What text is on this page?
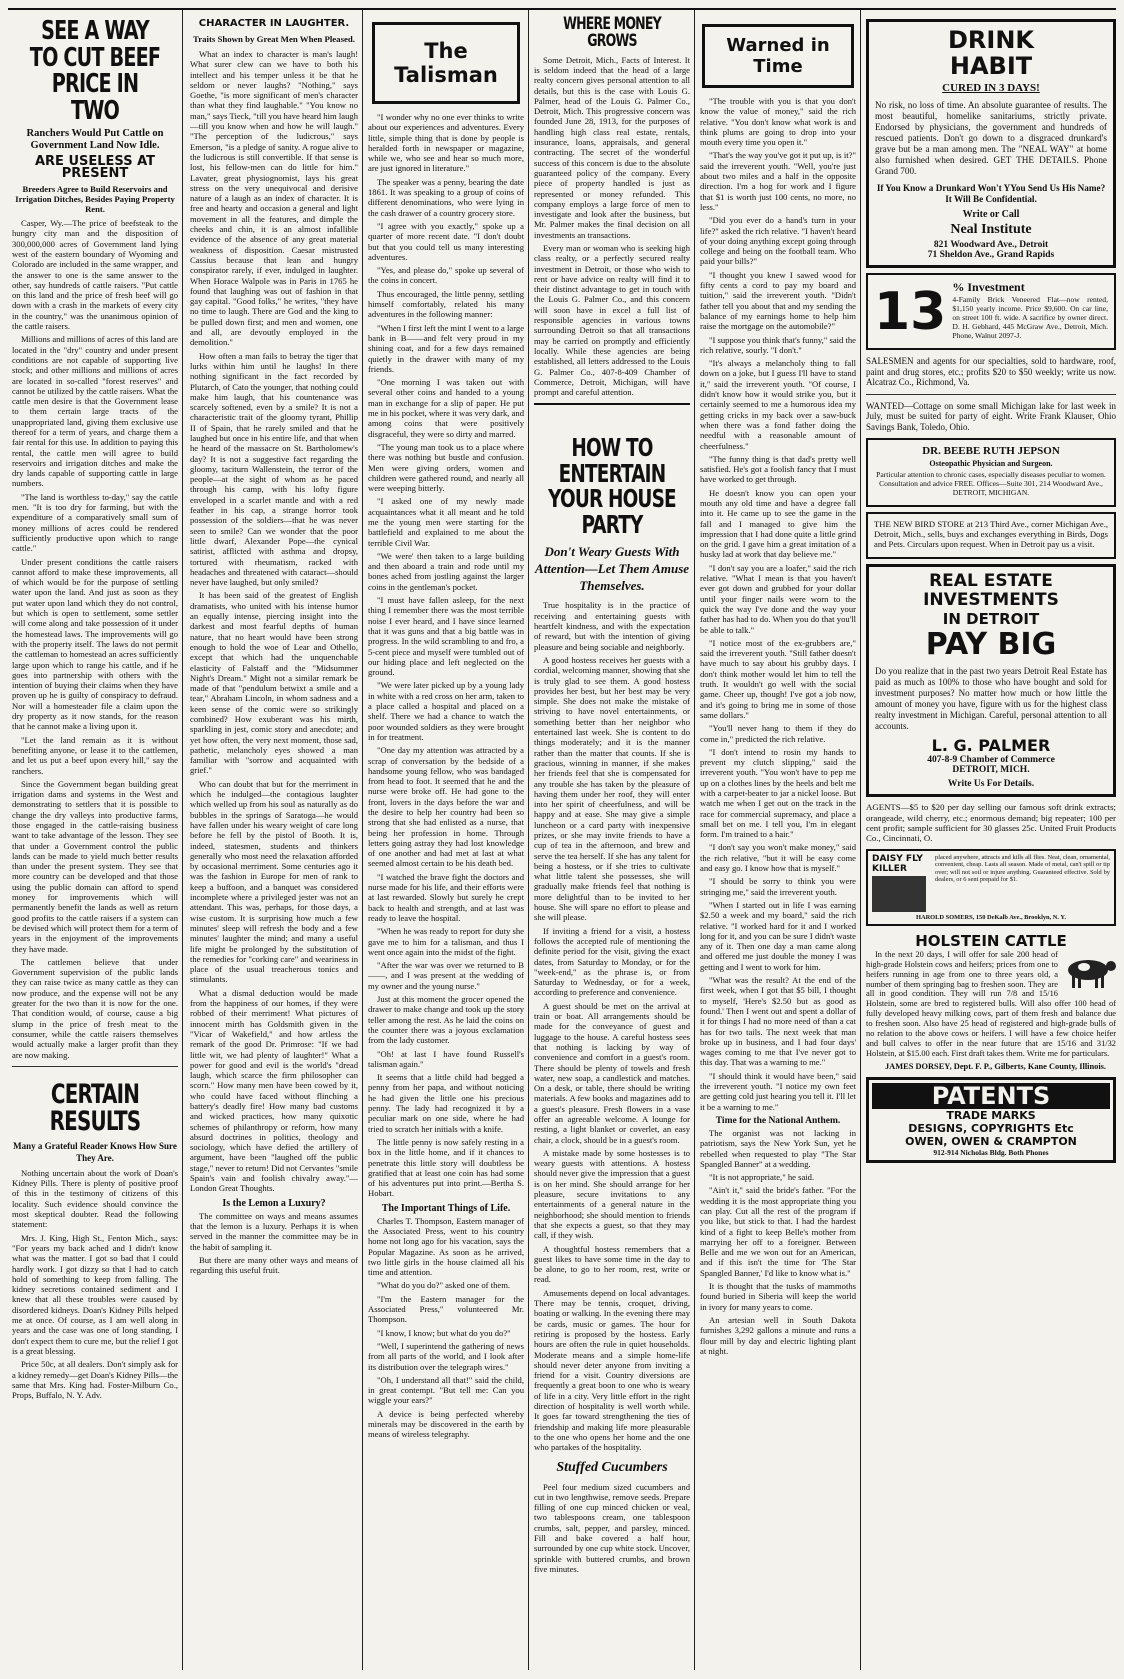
SEE A WAY TO CUT BEEF PRICE IN TWO
Ranchers Would Put Cattle on Government Land Now Idle.
ARE USELESS AT PRESENT
Breeders Agree to Build Reservoirs and Irrigation Ditches, Besides Paying Property Rent.

Casper, Wy.—The price of beefsteak to the hungry city man and the disposition of 300,000,000 acres of Government land lying west of the eastern boundary of Wyoming and Colorado are included in the same wrapper, and the answer to one is the same answer to the other, say hundreds of cattle raisers. "Put cattle on this land and the price of fresh beef will go down with a crash in the markets of every city in the country," was the unanimous opinion of the cattle raisers.

Millions and millions of acres of this land are located in the "dry" country and under present conditions are not capable of supporting live stock; and other millions and millions of acres are located in so-called "forest reserves" and cannot be utilized by the cattle raisers. What the cattle men desire is that the Government lease to them certain large tracts of the unappropriated land, giving them exclusive use thereof for a term of years, and charge them a fair rental for this use. In addition to paying this rental, the cattle men will agree to build reservoirs and irrigation ditches and make the dry lands capable of supporting cattle in large numbers.

"The land is worthless to-day," say the cattle men. "It is too dry for farming, but with the expenditure of a comparatively small sum of money millions of acres could be rendered sufficiently productive upon which to range cattle."

Under present conditions the cattle raisers cannot afford to make these improvements, all of which would be for the purpose of settling water upon the land. And just as soon as they put water upon land which they do not control, but which is open to settlement, some settler will come along and take possession of it under the homestead laws. The improvements will go with the property itself. The laws do not permit the cattleman to homestead an acres sufficiently large upon which to range his cattle, and if he goes into partnership with others with the intention of buying their claims when they have proven up he is guilty of conspiracy to defraud. Nor will a homesteader file a claim upon the dry property as it now stands, for the reason that he cannot make a living upon it.

"Let the land remain as it is without benefiting anyone, or lease it to the cattlemen, and let us put a beef upon every hill," say the ranchers.

Since the Government began building great irrigation dams and systems in the West and demonstrating to settlers that it is possible to change the dry valleys into productive farms, those engaged in the cattle-raising business want to take advantage of the lesson. They see that under a Government control the public lands can be made to yield much better results than under the present system. They see that more country can be developed and that those using the public domain can afford to spend money for improvements which will permanently benefit the lands as well as return good profits to the cattle raisers if a system can be devised which will protect them for a term of years in the enjoyment of the improvements they have made.

The cattlemen believe that under Government supervision of the public lands they can raise twice as many cattle as they can now produce, and the expense will not be any greater for the two than it is now for the one. That condition would, of course, cause a big slump in the price of fresh meat to the consumer, while the cattle raisers themselves would actually make a larger profit than they are now making.

CERTAIN RESULTS
Many a Grateful Reader Knows How Sure They Are.

Nothing uncertain about the work of Doan's Kidney Pills. There is plenty of positive proof of this in the testimony of citizens of this locality. Such evidence should convince the most skeptical doubter. Read the following statement:

Mrs. J. King, High St., Fenton Mich., says: "For years my back ached and I didn't know what was the matter. I got so bad that I could hardly work. I got dizzy so that I had to catch hold of something to keep from falling. The kidney secretions contained sediment and I knew that all these troubles were caused by disordered kidneys. Doan's Kidney Pills helped me at once. Of course, as I am well along in years and the case was one of long standing, I don't expect them to cure me, but the relief I got is a great blessing.

Price 50c, at all dealers. Don't simply ask for a kidney remedy—get Doan's Kidney Pills—the same that Mrs. King had. Foster-Milburn Co., Props, Buffalo, N. Y. Adv.

CHARACTER IN LAUGHTER.
Traits Shown by Great Men When Pleased.

What an index to character is man's laugh! What surer clew can we have to both his intellect and his temper unless it be that he seldom or never laughs? "Nothing," says Goethe, "is more significant of men's character than what they find laughable." "You know no man," says Tieck, "till you have heard him laugh—till you know when and how he will laugh." "The perception of the ludicrous," says Emerson, "is a pledge of sanity. A rogue alive to the ludicrous is still convertible. If that sense is lost, his fellow-men can do little for him." Lavater, great physiognomist, lays his great stress on the very unequivocal and derisive nature of a laugh as an index of character. It is free and hearty and occasion a general and light movement in all the features, and dimple the cheeks and chin, it is an almost infallible evidence of the absence of any great material weakness of disposition. Caesar mistrusted Cassius because that lean and hungry conspirator rarely, if ever, indulged in laughter. When Horace Walpole was in Paris in 1765 he found that laughing was out of fashion in that gay capital. "Good folks," he writes, "they have no time to laugh. There are God and the king to be pulled down first; and men and women, one and all, are devoutly employed in the demolition."

How often a man fails to betray the tiger that lurks within him until he laughs! In there nothing significant in the fact recorded by Plutarch, of Cato the younger, that nothing could make him laugh, that his countenance was scarcely softened, even by a smile? It is not a characteristic trait of the gloomy tyrant, Phillip II of Spain, that he rarely smiled and that he laughed but once in his entire life, and that when he heard of the massacre on St. Bartholomew's day? It is not a suggestive fact regarding the gloomy, taciturn Wallenstein, the terror of the people—at the sight of whom as he paced through his camp, with his lofty figure enveloped in a scarlet mantle and with a red feather in his cap, a strange horror took possession of the soldiers—that he was never seen to smile? Can we wonder that the poor little dwarf, Alexander Pope—the cynical satirist, afflicted with asthma and dropsy, tortured with rheumatism, racked with headaches and threatened with cataract—should never have laughed, but only smiled?

It has been said of the greatest of English dramatists, who united with his intense humor an equally intense, piercing insight into the darkest and most fearful depths of human nature, that no heart would have been strong enough to hold the woe of Lear and Othello, except that which had the unquenchable elasticity of Falstaff and the "Midsummer Night's Dream." Might not a similar remark be made of that "pendulum betwixt a smile and a tear," Abraham Lincoln, in whom sadness and a keen sense of the comic were so strikingly combined? How exuberant was his mirth, sparkling in jest, comic story and anecdote; and yet how often, the very next moment, those sad, pathetic, melancholy eyes showed a man familiar with "sorrow and acquainted with grief."

Who can doubt that but for the merriment in which he indulged—the contagious laughter which welled up from his soul as naturally as do bubbles in the springs of Saratoga—he would have fallen under his weary weight of care long before he fell by the pistol of Booth. It is, indeed, statesmen, students and thinkers generally who most need the relaxation afforded by occasional merriment. Some centuries ago it was the fashion in Europe for men of rank to keep a buffoon, and a banquet was considered incomplete where a privileged jester was not an attendant. This was, perhaps, for those days, a wise custom. It is surprising how much a few minutes' sleep will refresh the body and a few minutes' laughter the mind; and many a useful life might be prolonged by the substitution of the remedies for "corking care" and weariness in place of the usual treacherous tonics and stimulants.

What a dismal deduction would be made from the happiness of our homes, if they were robbed of their merriment! What pictures of innocent mirth has Goldsmith given in the "Vicar of Wakefield," and how artless the remark of the good Dr. Primrose: "If we had little wit, we had plenty of laughter!" What a power for good and evil is the world's "dread laugh, which scarce the firm philosopher can scorn." How many men have been cowed by it, who could have faced without flinching a battery's deadly fire! How many bad customs and wicked practices, how many quixotic schemes of philanthropy or reform, how many absurd doctrines in politics, theology and sociology, which have defied the artillery of argument, have been "laughed off the public stage," never to return! Did not Cervantes "smile Spain's vain and foolish chivalry away."—London Great Thoughts.

Is the Lemon a Luxury?

The committee on ways and means assumes that the lemon is a luxury. Perhaps it is when served in the manner the committee may be in the habit of sampling it.

But there are many other ways and means of regarding this useful fruit.

The Talisman

"I wonder why no one ever thinks to write about our experiences and adventures. Every little, simple thing that is done by people is heralded forth in newspaper or magazine, while we, who see and hear so much more, are just ignored in literature."

The speaker was a penny, bearing the date 1861. It was speaking to a group of coins of different denominations, who were lying in the cash drawer of a country grocery store.

"I agree with you exactly," spoke up a quarter of more recent date. "I don't doubt but that you could tell us many interesting adventures.

"Yes, and please do," spoke up several of the coins in concert.

Thus encouraged, the little penny, settling himself comfortably, related his many adventures in the following manner:

"When I first left the mint I went to a large bank in B——and felt very proud in my shining coat, and for a few days remained quietly in the drawer with many of my friends.

"One morning I was taken out with several other coins and handed to a young man in exchange for a slip of paper. He put me in his pocket, where it was very dark, and among coins that were positively disgraceful, they were so dirty and marred.

"The young man took us to a place where there was nothing but bustle and confusion. Men were giving orders, women and children were gathered round, and nearly all were weeping bitterly.

"I asked one of my newly made acquaintances what it all meant and he told me the young men were starting for the battlefield and explained to me about the terrible Civil War.

"We were' then taken to a large building and then aboard a train and rode until my bones ached from jostling against the larger coins in the gentleman's pocket.

"I must have fallen asleep, for the next thing I remember there was the most terrible noise I ever heard, and I have since learned that it was guns and that a big battle was in progress. In the wild scrambling to and fro, a 5-cent piece and myself were tumbled out of our hiding place and left neglected on the ground.

"We were later picked up by a young lady in white with a red cross on her arm, taken to a place called a hospital and placed on a shelf. There we had a chance to watch the poor wounded soldiers as they were brought in for treatment.

"One day my attention was attracted by a scrap of conversation by the bedside of a handsome young fellow, who was bandaged from head to foot. It seemed that he and the nurse were broke off. He had gone to the front, lovers in the days before the war and the desire to help her country had been so strong that she had enlisted as a nurse, that being her profession in home. Through letters going astray they had lost knowledge of one another and had met at last at what seemed almost certain to be his death bed.

"I watched the brave fight the doctors and nurse made for his life, and their efforts were at last rewarded. Slowly but surely he crept back to health and strength, and at last was ready to leave the hospital.

"When he was ready to report for duty she gave me to him for a talisman, and thus I went once again into the midst of the fight.

"After the war was over we returned to B——, and I was present at the wedding of my owner and the young nurse."

Just at this moment the grocer opened the drawer to make change and took up the story teller among the rest. As he laid the coins on the counter there was a joyous exclamation from the lady customer.

"Oh! at last I have found Russell's talisman again."

It seems that a little child had begged a penny from her papa, and without noticing he had given the little one his precious penny. The lady had recognized it by a peculiar mark on one side, where he had tried to scratch her initials with a knife.

The little penny is now safely resting in a box in the little home, and if it chances to penetrate this little story will doubtless be gratified that at least one coin has had some of his adventures put into print.—Bertha S. Hobart.

The Important Things of Life.

Charles T. Thompson, Eastern manager of the Associated Press, went to his country home not long ago for his vacation, says the Popular Magazine. As soon as he arrived, two little girls in the house claimed all his time and attention.

"What do you do?" asked one of them.

"I'm the Eastern manager for the Associated Press," volunteered Mr. Thompson.

"I know, I know; but what do you do?"

"Well, I superintend the gathering of news from all parts of the world, and I look after its distribution over the telegraph wires."

"Oh, I understand all that!" said the child, in great contempt. "But tell me: Can you wiggle your ears?"

A device is being perfected whereby minerals may be discovered in the earth by means of wireless telegraphy.

WHERE MONEY GROWS

Some Detroit, Mich., Facts of Interest. It is seldom indeed that the head of a large realty concern gives personal attention to all details, but this is the case with Louis G. Palmer, head of the Louis G. Palmer Co., Detroit, Mich. This progressive concern was founded June 28, 1913, for the purposes of handling high class real estate, rentals, insurance, loans, appraisals, and general contracting. The secret of the wonderful success of this concern is due to the absolute guaranteed policy of the company. Every piece of property handled is just as represented or money refunded. This company employs a large force of men to investigate and look after the business, but Mr. Palmer makes the final decision on all investments an transactions.

Every man or woman who is seeking high class realty, or a perfectly secured realty investment in Detroit, or those who wish to rent or have advice on realty will find it to their distinct advantage to get in touch with the Louis G. Palmer Co., and this concern will soon have in excel a full list of responsible agencies in various towns surrounding Detroit so that all transactions may be carried on promptly and efficiently locally. While these agencies are being established, all letters addressed to the Louis G. Palmer Co., 407-8-409 Chamber of Commerce, Detroit, Michigan, will have prompt and careful attention.

HOW TO ENTERTAIN YOUR HOUSE PARTY
Don't Weary Guests With Attention—Let Them Amuse Themselves.

True hospitality is in the practice of receiving and entertaining guests with heartfelt kindness, and with the expectation of reward, but with the intention of giving pleasure and being sociable and neighborly.

A good hostess receives her guests with a cordial, welcoming manner, showing that she is truly glad to see them. A good hostess provides her best, but her best may be very simple. She does not make the mistake of striving to have novel entertainments, or something better than her neighbor who entertained last week. She is content to do things moderately; and it is the manner rather than the matter that counts. If she is gracious, winning in manner, if she makes her friends feel that she is compensated for any trouble she has taken by the pleasure of having them under her roof, they will enter into her spirit of cheerfulness, and will be happy and at ease. She may give a simple luncheon or a card party with inexpensive prizes, or she may invite friends to have a cup of tea in the afternoon, and brew and serve the tea herself. If she has any talent for being a hostess, or if she tries to cultivate what little talent she possesses, she will gradually make friends feel that nothing is more delightful than to be invited to her house. She will spare no effort to please and she will please.

If inviting a friend for a visit, a hostess follows the accepted rule of mentioning the definite period for the visit, giving the exact dates, from Saturday to Monday, or for the "week-end," as the phrase is, or from Saturday to Wednesday, or for a week, according to preference and convenience.

A guest should be met on the arrival at train or boat. All arrangements should be made for the conveyance of guest and luggage to the house. A careful hostess sees that nothing is lacking by way of convenience and comfort in a guest's room. There should be plenty of towels and fresh water, new soap, a candlestick and matches. On a desk, or table, there should be writing materials. A few books and magazines add to a guest's pleasure. Fresh flowers in a vase offer an agreeable welcome. A lounge for resting, a light blanket or coverlet, an easy chair, a clock, should be in a guest's room.

A mistake made by some hostesses is to weary guests with attentions. A hostess should never give the impression that a guest is on her mind. She should arrange for her pleasure, secure invitations to any entertainments of a general nature in the neighborhood; she should mention to friends that she expects a guest, so that they may call, if they wish.

A thoughtful hostess remembers that a guest likes to have some time in the day to be alone, to go to her room, rest, write or read.

Amusements depend on local advantages. There may be tennis, croquet, driving, boating or walking. In the evening there may be cards, music or games. The hour for retiring is proposed by the hostess. Early hours are often the rule in quiet households. Moderate means and a simple home-life should never deter anyone from inviting a friend for a visit. Country diversions are frequently a great boon to one who is weary of life in a city. Very little effort in the right direction of hospitality is well worth while. It goes far toward strengthening the ties of friendship and making life more pleasurable to the one who opens her home and the one who partakes of the hospitality.

Stuffed Cucumbers

Peel four medium sized cucumbers and cut in two lengthwise, remove seeds. Prepare filling of one cup minced chicken or veal, two tablespoons cream, one tablespoon crumbs, salt, pepper, and parsley, minced. Fill and bake covered a half hour, surrounded by one cup white stock. Uncover, sprinkle with buttered crumbs, and brown five minutes.

Warned in Time

"The trouble with you is that you don't know the value of money," said the rich relative. "You don't know what work is and think plums are going to drop into your mouth every time you open it."

"That's the way you've got it put up, is it?" said the irreverent youth. "Well, you're just about two miles and a half in the opposite direction. I'm a hog for work and I figure that $1 is worth just 100 cents, no more, no less."

"Did you ever do a hand's turn in your life?" asked the rich relative. "I haven't heard of your doing anything except going through college and being on the football team. Who paid your bills?"

"I thought you knew I sawed wood for fifty cents a cord to pay my board and tuition," said the irreverent youth. "Didn't father tell you about that and my sending the balance of my earnings home to help him raise the mortgage on the automobile?"

"I suppose you think that's funny," said the rich relative, sourly. "I don't."

"It's always a melancholy thing to fall down on a joke, but I guess I'll have to stand it," said the irreverent youth. "Of course, I didn't know how it would strike you, but it certainly seemed to me a humorous idea my getting cricks in my back over a saw-buck when there was a fond father doing the needful with a reasonable amount of cheerfulness."

"The funny thing is that dad's pretty well satisfied. He's got a foolish fancy that I must have worked to get through.

He doesn't know you can open your mouth any old time and have a degree fall into it. He came up to see the game in the fall and I managed to give him the impression that I had done quite a little grind on the grid. I gave him a great imitation of a husky lad at work that day believe me."

"I don't say you are a loafer," said the rich relative. "What I mean is that you haven't ever got down and grubbed for your dollar until your finger nails were worn to the quick the way I've done and the way your father has had to do. When you do that you'll be able to talk."

"I notice most of the ex-grubbers are," said the irreverent youth. "Still father doesn't have much to say about his grubby days. I don't think mother would let him to tell the truth. It wouldn't go well with the social game. Cheer up, though! I've got a job now, and it's going to bring me in some of those same dollars."

"You'll never hang to them if they do come in," predicted the rich relative.

"I don't intend to rosin my hands to prevent my clutch slipping," said the irreverent youth. "You won't have to pep me up on a clothes lines by the heels and belt me with a carpet-beater to jar a nickel loose. But watch me when I get out on the track in the race for commercial supremacy, and place a small bet on me. I tell you, I'm in elegant form. I'm trained to a hair."

"I don't say you won't make money," said the rich relative, "but it will be easy come and easy go. I know how that is myself."

"I should be sorry to think you were stringing me," said the irreverent youth.

"When I started out in life I was earning $2.50 a week and my board," said the rich relative. "I worked hard for it and I worked long for it, and you can be sure I didn't waste any of it. Then one day a man came along and offered me just double the money I was getting and I went to work for him.

"What was the result? At the end of the first week, when I got that $5 bill, I thought to myself, 'Here's $2.50 but as good as found.' Then I went out and spent a dollar of it for things I had no more need of than a cat has for two tails. The next week that man broke up in business, and I had four days' wages coming to me that I've never got to this day. That was a warning to me."

"I should think it would have been," said the irreverent youth. "I notice my own feet are getting cold just hearing you tell it. I'll let it be a warning to me."

Time for the National Anthem.

The organist was not lacking in patriotism, says the New York Sun, yet he rebelled when requested to play "The Star Spangled Banner" at a wedding.

"It is not appropriate," he said.

"Ain't it," said the bride's father. "For the wedding it is the most appropriate thing you can play. Cut all the rest of the program if you like, but stick to that. I had the hardest kind of a fight to keep Belle's mother from marrying her off to a foreigner. Between Belle and me we won out for an American, and if this isn't the time for 'The Star Spangled Banner,' I'd like to know what is."

It is thought that the tusks of mammoths found buried in Siberia will keep the world in ivory for many years to come.

An artesian well in South Dakota furnishes 3,292 gallons a minute and runs a flour mill by day and electric lighting plant at night.

DRINK
HABIT
CURED IN 3 DAYS!

No risk, no loss of time. An absolute guarantee of results. The most beautiful, homelike sanitariums, strictly private. Endorsed by physicians, the government and hundreds of rescued patients. Don't go down to a disgraced drunkard's grave but be a man among men. The "NEAL WAY" at home also furnished when desired. GET THE DETAILS. Phone Grand 700.

If You Know a Drunkard Won't YYou Send Us His Name? It Will Be Confidential.

Write or Call
Neal Institute
821 Woodward Ave., Detroit
71 Sheldon Ave., Grand Rapids
13 % Investment

4-Family Brick Veneered Flat—now rented, $1,150 yearly income. Price $9,600. On car line, on street 100 ft. wide. A sacrifice by owner direct. D. H. Gebhard, 445 McGraw Ave., Detroit, Mich. Phone, Walnut 2097-J.

SALESMEN and agents for our specialties, sold to hardware, roof, paint and drug stores, etc.; profits $20 to $50 weekly; write us now. Alcatraz Co., Richmond, Va.

WANTED—Cottage on some small Michigan lake for last week in July, must be suited for party of eight. Write Frank Klauser, Ohio Savings Bank, Toledo, Ohio.

DR. BEEBE RUTH JEPSON
Osteopathic Physician and Surgeon.

Particular attention to chronic cases, especially diseases peculiar to women. Consultation and advice FREE. Offices—Suite 301, 214 Woodward Ave., DETROIT, MICHIGAN.

THE NEW BIRD STORE at 213 Third Ave., corner Michigan Ave., Detroit, Mich., sells, buys and exchanges everything in Birds, Dogs and Pets. Circulars upon request. When in Detroit pay us a visit.

REAL ESTATE
INVESTMENTS
IN DETROIT
PAY BIG

Do you realize that in the past two years Detroit Real Estate has paid as much as 100% to those who have bought and sold for investment purposes? No matter how much or how little the amount of money you have, figure with us for the highest class realty investment in Michigan. Careful, personal attention to all accounts.

L. G. PALMER
407-8-9 Chamber of Commerce
DETROIT, MICH.
Write Us For Details.

AGENTS—$5 to $20 per day selling our famous soft drink extracts; orangeade, wild cherry, etc.; enormous demand; big repeater; 100 per cent profit; sample sufficient for 30 glasses 25c. United Fruit Products Co., Cincinnati, O.

DAISY FLY KILLER

placed anywhere, attracts and kills all flies. Neat, clean, ornamental, convenient, cheap. Lasts all season. Made of metal, can't spill or tip over; will not soil or injure anything. Guaranteed effective. Sold by dealers, or 6 sent prepaid for $1.

HAROLD SOMERS, 150 DeKalb Ave., Brooklyn, N. Y.
HOLSTEIN CATTLE

In the next 20 days, I will offer for sale 200 head of high-grade Holstein cows and heifers; prices from one to heifers running in age from one to three years old, a number of them springing bag to freshen soon. They are all in good condition. They will run 7/8 and 15/16 Holstein, some are bred to registered bulls. Will also offer 100 head of fully developed heavy milking cows, part of them fresh and balance due to freshen soon. Also have 25 head of registered and high-grade bulls of no relation to the above cows or heifers. I will have a few choice heifer and bull calves to offer in the near future that are 15/16 and 31/32 Holstein, at $15.00 each. First draft takes them. Write me for particulars.

JAMES DORSEY, Dept. F. P., Gilberts, Kane County, Illinois.

PATENTS
TRADE MARKS
DESIGNS, COPYRIGHTS Etc
OWEN, OWEN & CRAMPTON
912-914 Nicholas Bldg. Both Phones
